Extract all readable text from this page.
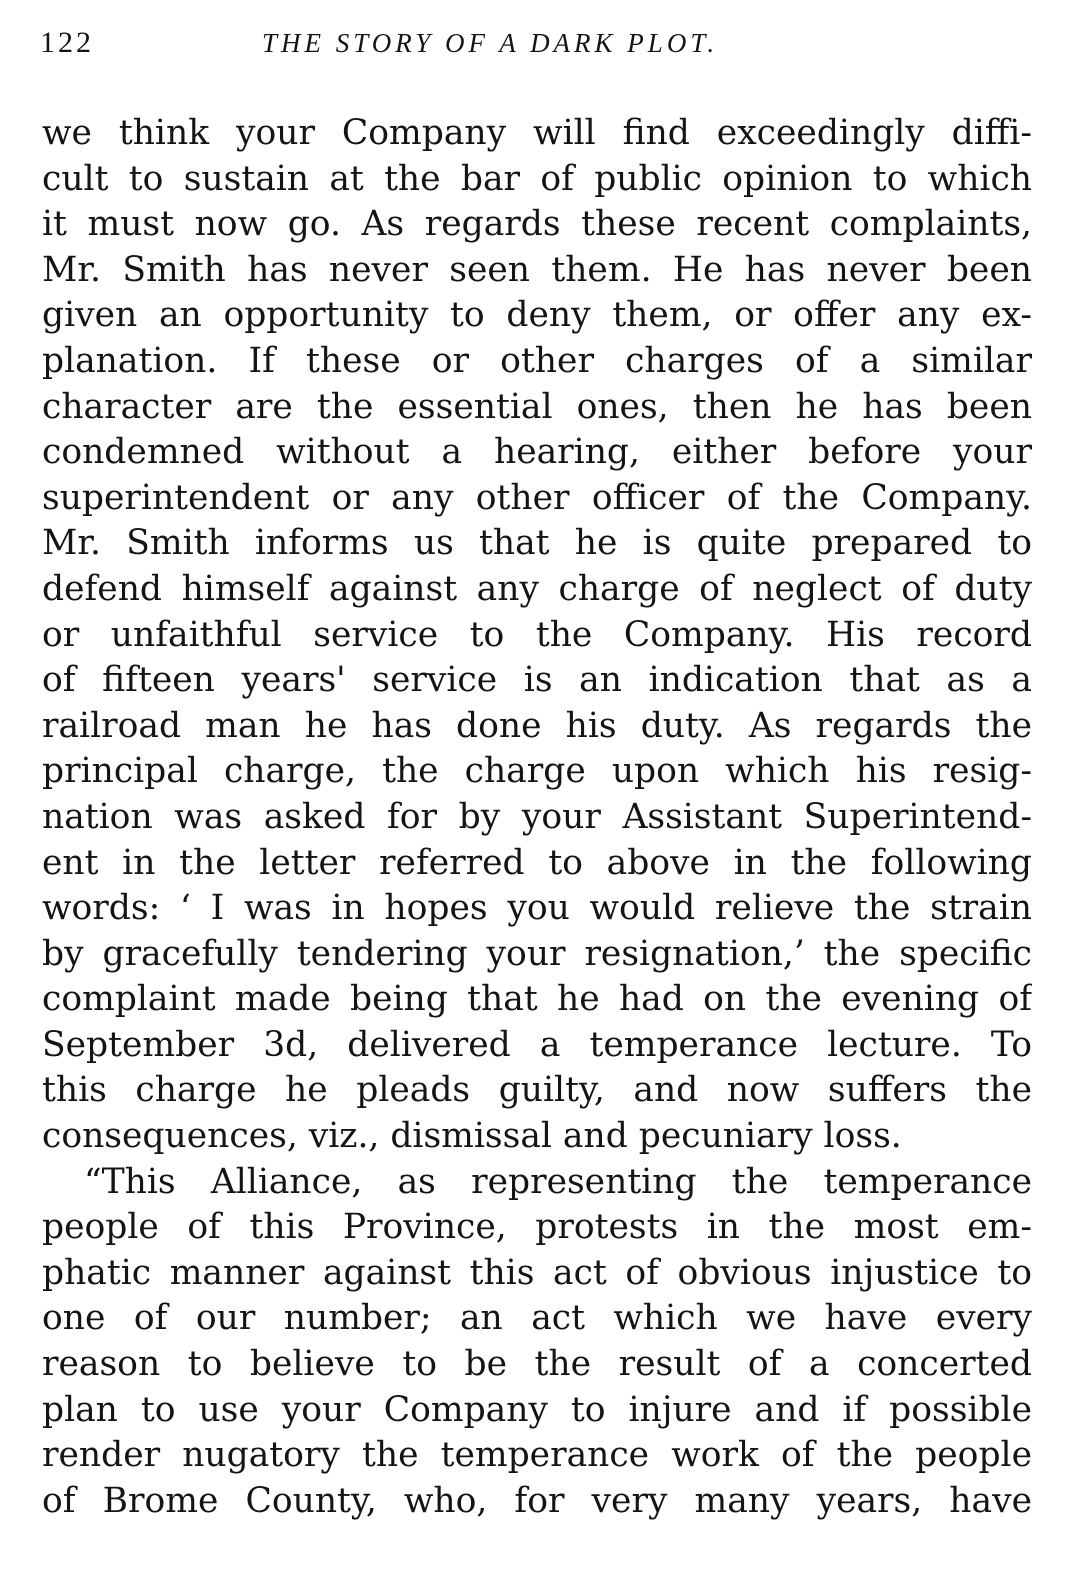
122	THE STORY OF A DARK PLOT.
we think your Company will find exceedingly diffi-
cult to sustain at the bar of public opinion to which
it must now go. As regards these recent complaints,
Mr. Smith has never seen them. He has never been
given an opportunity to deny them, or offer any ex-
planation. If these or other charges of a similar
character are the essential ones, then he has been
condemned without a hearing, either before your
superintendent or any other officer of the Company.
Mr. Smith informs us that he is quite prepared to
defend himself against any charge of neglect of duty
or unfaithful service to the Company. His record
of fifteen years' service is an indication that as a
railroad man he has done his duty. As regards the
principal charge, the charge upon which his resig-
nation was asked for by your Assistant Superintend-
ent in the letter referred to above in the following
words: ‘ I was in hopes you would relieve the strain
by gracefully tendering your resignation,’ the specific
complaint made being that he had on the evening of
September 3d, delivered a temperance lecture. To
this charge he pleads guilty, and now suffers the
consequences, viz., dismissal and pecuniary loss.
“This Alliance, as representing the temperance
people of this Province, protests in the most em-
phatic manner against this act of obvious injustice to
one of our number; an act which we have every
reason to believe to be the result of a concerted
plan to use your Company to injure and if possible
render nugatory the temperance work of the people
of Brome County, who, for very many years, have
